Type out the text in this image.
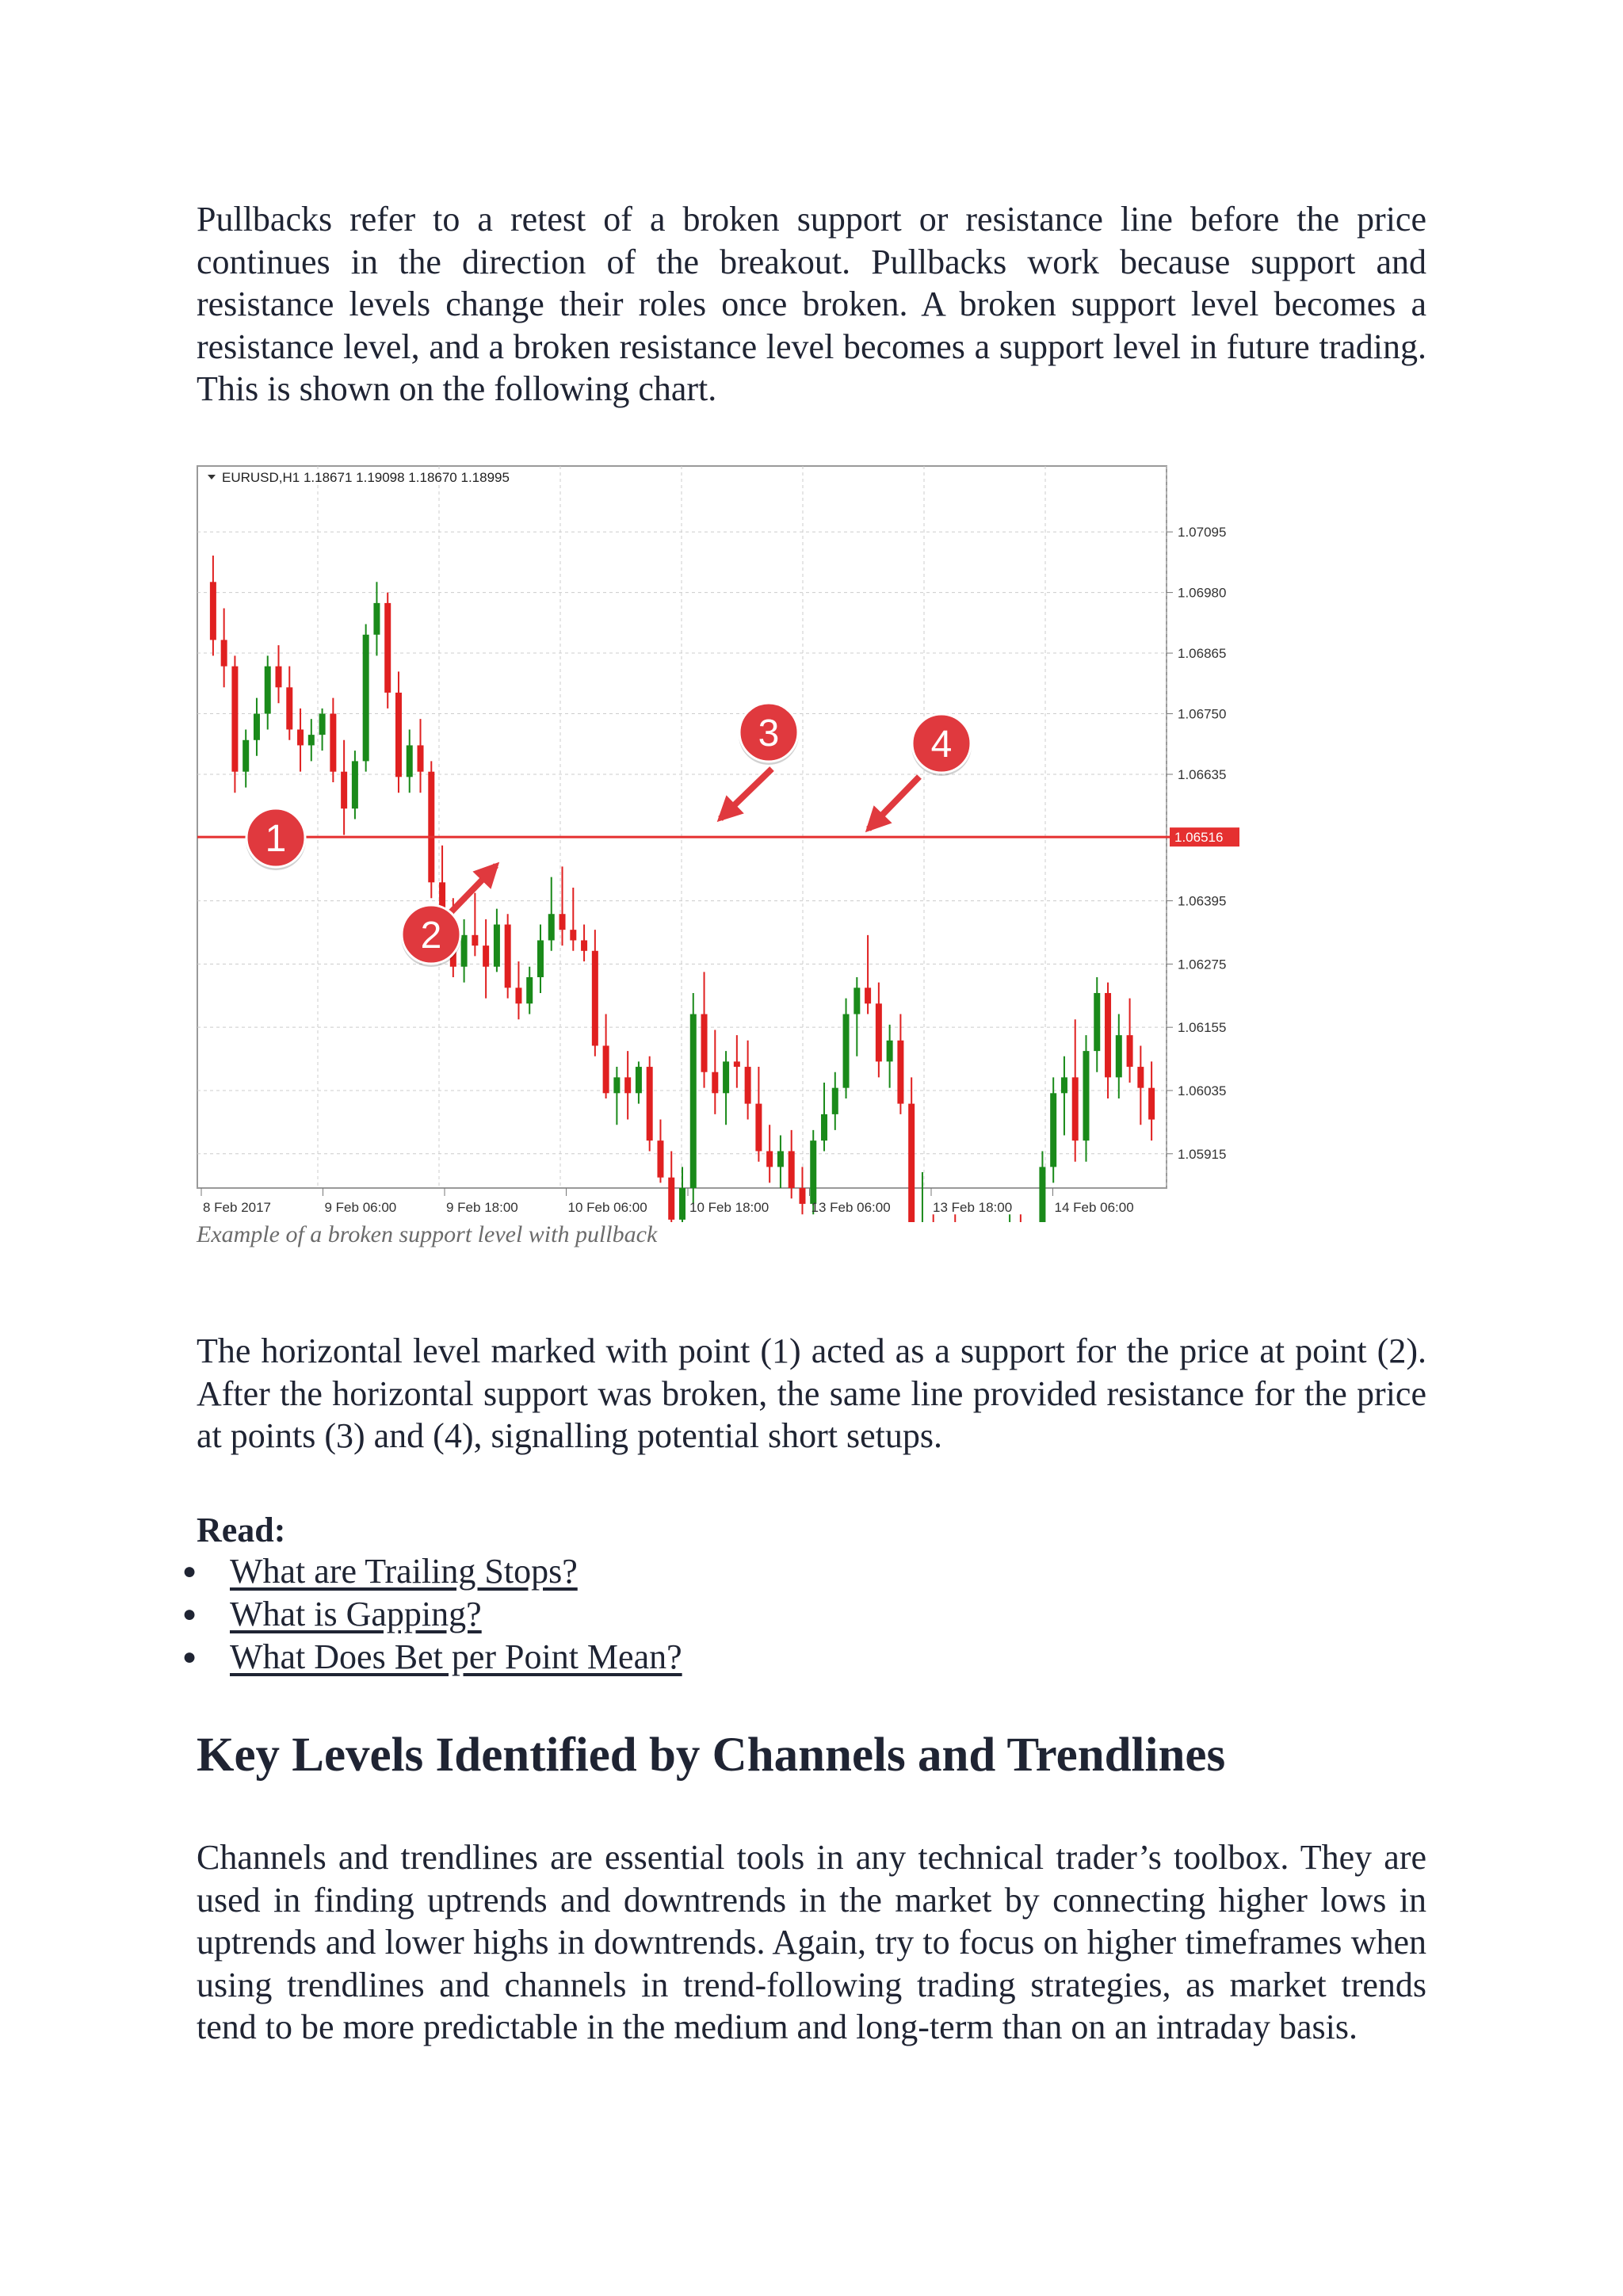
Pullbacks refer to a retest of a broken support or resistance line before the price continues in the direction of the breakout. Pullbacks work because support and resistance levels change their roles once broken. A broken support level becomes a resistance level, and a broken resistance level becomes a support level in future trading. This is shown on the following chart.

1.06516
1.07095
1.06980
1.06865
1.06750
1.06635
1.06395
1.06275
1.06155
1.06035
1.05915
8 Feb 2017	9 Feb 06:00	9 Feb 18:00	10 Feb 06:00	10 Feb 18:00	13 Feb 06:00	13 Feb 18:00	14 Feb 06:00
1
2
3	4
EURUSD,H1 1.18671 1.19098 1.18670 1.18995

Example of a broken support level with pullback

The horizontal level marked with point (1) acted as a support for the price at point (2). After the horizontal support was broken, the same line provided resistance for the price at points (3) and (4), signalling potential short setups.

Read:

● What are Trailing Stops?
● What is Gapping?
● What Does Bet per Point Mean?
Key Levels Identified by Channels and Trendlines

Channels and trendlines are essential tools in any technical trader’s toolbox. They are used in finding uptrends and downtrends in the market by connecting higher lows in uptrends and lower highs in downtrends. Again, try to focus on higher timeframes when using trendlines and channels in trend-following trading strategies, as market trends tend to be more predictable in the medium and long-term than on an intraday basis.
